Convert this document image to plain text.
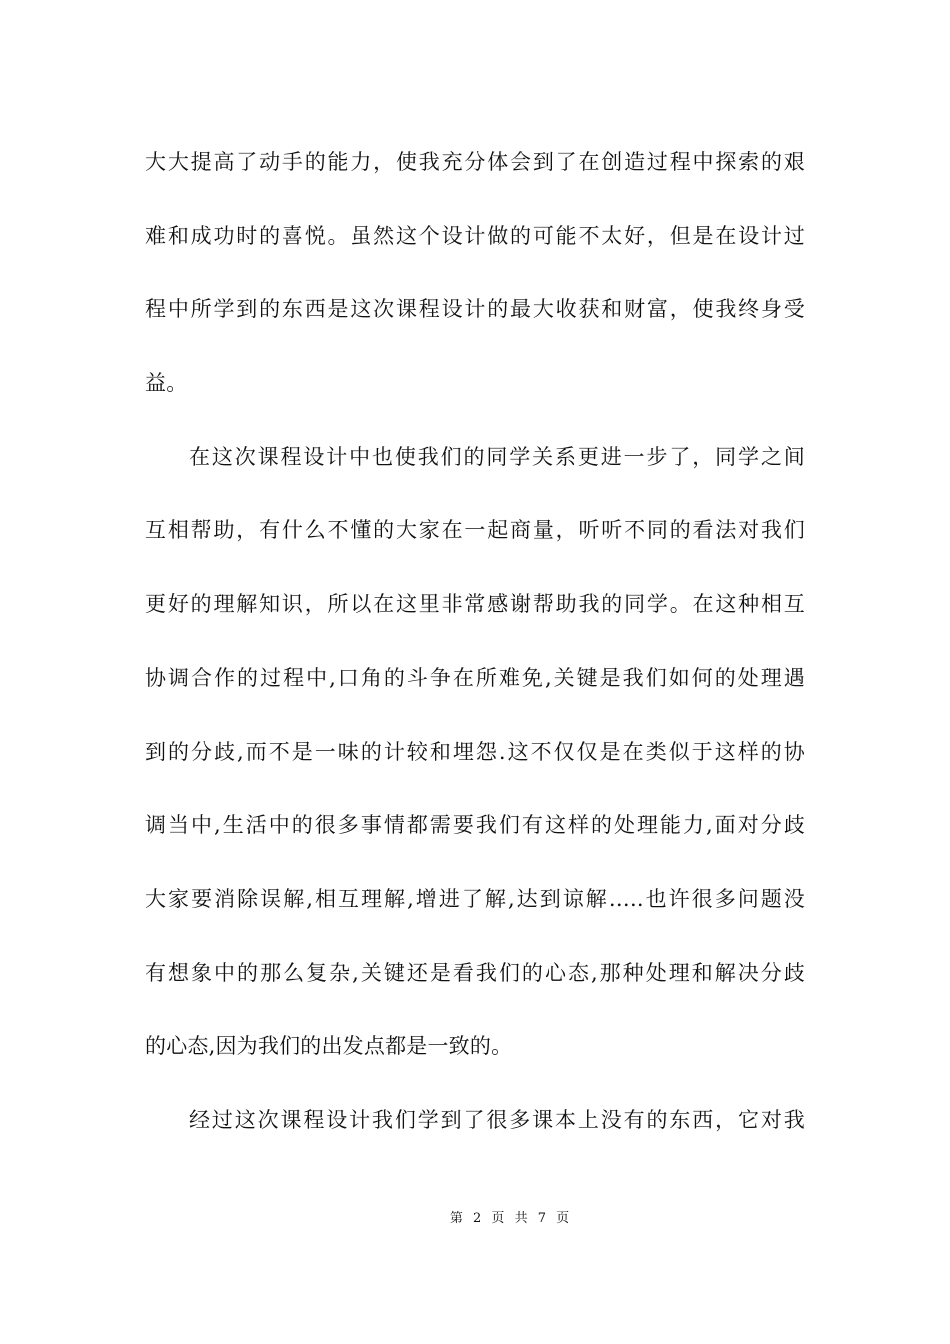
大大提高了动手的能力，使我充分体会到了在创造过程中探索的艰
难和成功时的喜悦。虽然这个设计做的可能不太好，但是在设计过
程中所学到的东西是这次课程设计的最大收获和财富，使我终身受
益。
在这次课程设计中也使我们的同学关系更进一步了，同学之间
互相帮助，有什么不懂的大家在一起商量，听听不同的看法对我们
更好的理解知识，所以在这里非常感谢帮助我的同学。在这种相互
协调合作的过程中,口角的斗争在所难免,关键是我们如何的处理遇
到的分歧,而不是一味的计较和埋怨.这不仅仅是在类似于这样的协
调当中,生活中的很多事情都需要我们有这样的处理能力,面对分歧
大家要消除误解,相互理解,增进了解,达到谅解…..也许很多问题没
有想象中的那么复杂,关键还是看我们的心态,那种处理和解决分歧
的心态,因为我们的出发点都是一致的。
经过这次课程设计我们学到了很多课本上没有的东西，它对我
第 2 页 共 7 页
